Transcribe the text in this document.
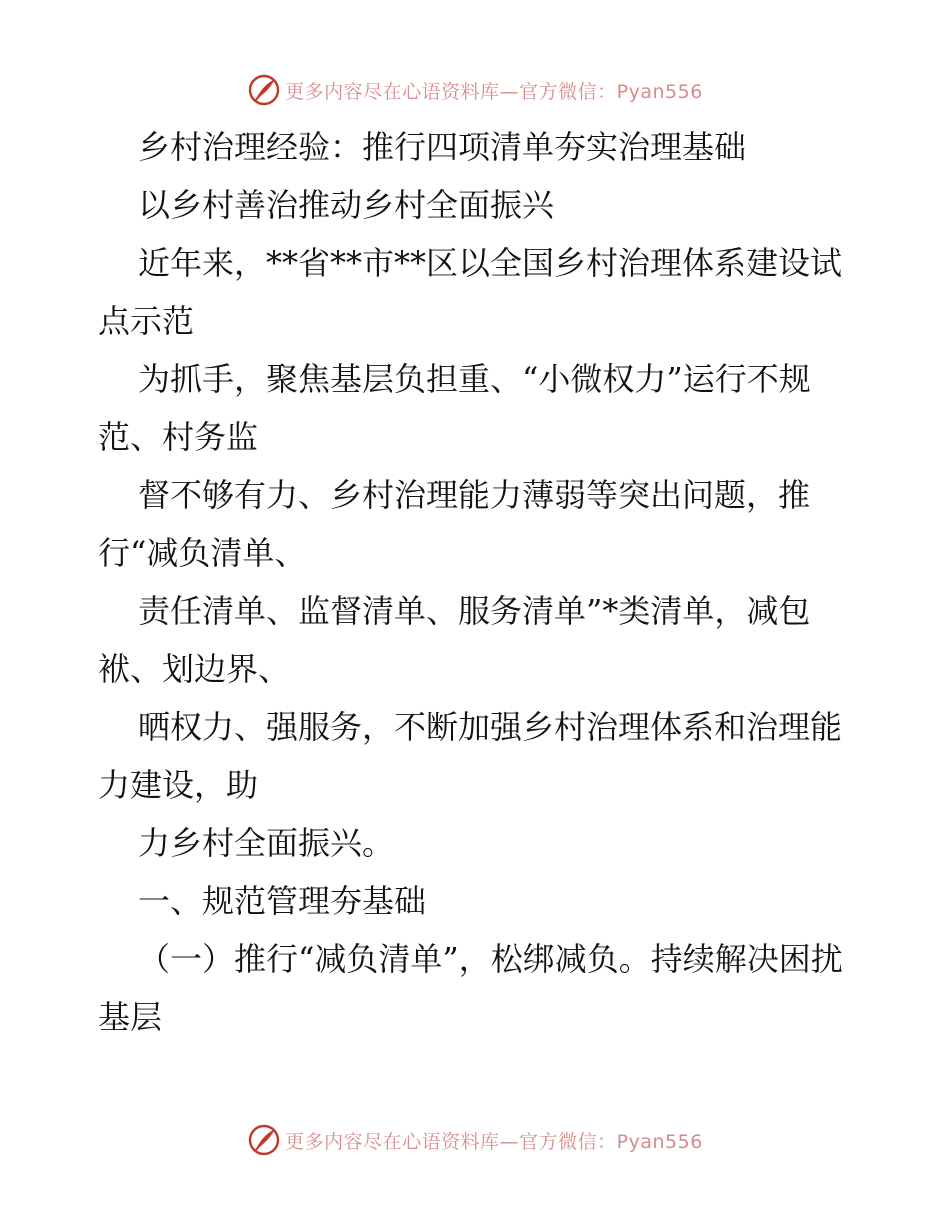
更多内容尽在心语资料库—官方微信：Pyan556

乡村治理经验：推行四项清单夯实治理基础

以乡村善治推动乡村全面振兴

近年来，**省**市**区以全国乡村治理体系建设试点示范

为抓手，聚焦基层负担重、“小微权力”运行不规范、村务监

督不够有力、乡村治理能力薄弱等突出问题，推行“减负清单、

责任清单、监督清单、服务清单”*类清单，减包袱、划边界、

晒权力、强服务，不断加强乡村治理体系和治理能力建设，助

力乡村全面振兴。

一、规范管理夯基础

（一）推行“减负清单”，松绑减负。持续解决困扰基层

更多内容尽在心语资料库—官方微信：Pyan556
